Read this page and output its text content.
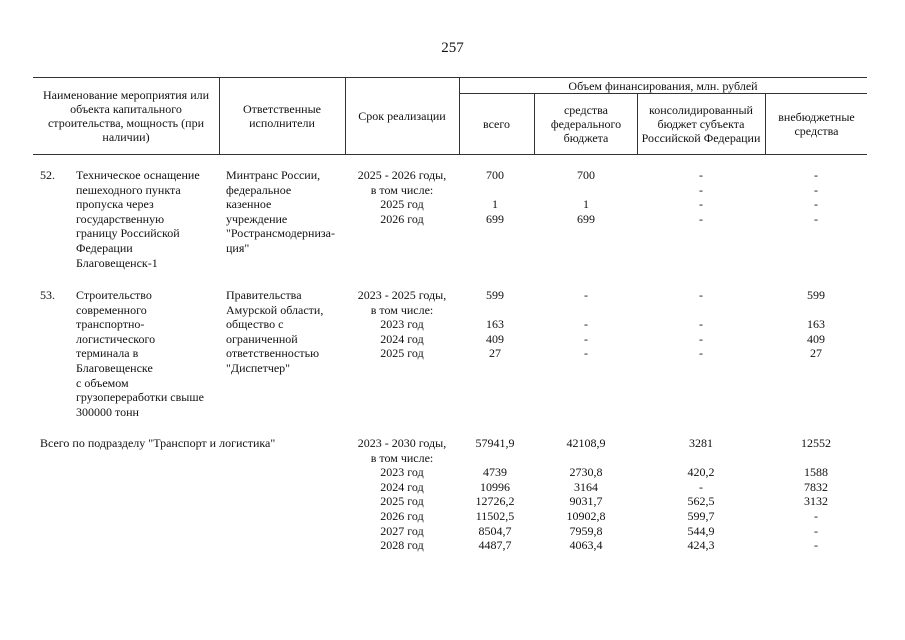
257
Наименование мероприятия или объекта капитального строительства, мощность (при наличии)
Ответственные исполнители	Срок реализации
Объем финансирования, млн. рублей
всего
средства федерального бюджета
консолидированный бюджет субъекта Российской Федерации
внебюджетные средства
52. Техническое оснащение
пешеходного пункта
пропуска через
государственную
границу Российской
Федерации
Благовещенск-1
Минтранс России,
федеральное
казенное
учреждение
"Ространсмодерниза-
ция"
2025 - 2026 годы,
в том числе:
2025 год
2026 год
700
1
699
700
1
699
-
-
-
-
-
-
-
-
53. Строительство
современного
транспортно-
логистического
терминала в
Благовещенске
с объемом
грузопереработки свыше
300000 тонн
Правительства
Амурской области,
общество с
ограниченной
ответственностью
"Диспетчер"
2023 - 2025 годы,
в том числе:
2023 год
2024 год
2025 год
599
163
409
27
-
-
-
-
-
-
-
-
599
163
409
27
Всего по подразделу "Транспорт и логистика"	2023 - 2030 годы,
в том числе:
2023 год
2024 год
2025 год
2026 год
2027 год
2028 год
57941,9
4739
10996
12726,2
11502,5
8504,7
4487,7
42108,9
2730,8
3164
9031,7
10902,8
7959,8
4063,4
3281
420,2
-
562,5
599,7
544,9
424,3
12552
1588
7832
3132
-
-
-
